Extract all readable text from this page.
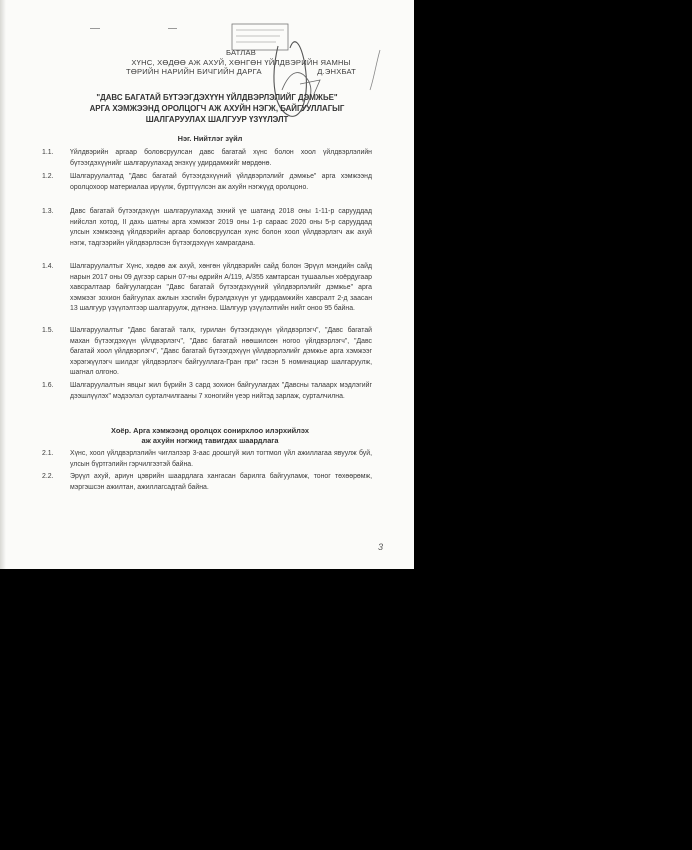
БАТЛАВ
ХҮНС, ХӨДӨӨ АЖ АХУЙ, ХӨНГӨН ҮЙЛДВЭРИЙН ЯАМНЫ
ТӨРИЙН НАРИЙН БИЧГИЙН ДАРГА	Д.ЭНХБАТ
"ДАВС БАГАТАЙ БҮТЭЭГДЭХҮҮН ҮЙЛДВЭРЛЭЛИЙГ ДЭМЖЬЕ"
АРГА ХЭМЖЭЭНД ОРОЛЦОГЧ АЖ АХУЙН НЭГЖ, БАЙГУУЛЛАГЫГ
ШАЛГАРУУЛАХ ШАЛГУУР ҮЗҮҮЛЭЛТ
Нэг. Нийтлэг зүйл
1.1.	Үйлдвэрийн аргаар боловсруулсан давс багатай хүнс болон хоол үйлдвэрлэлийн бүтээгдэхүүнийг шалгаруулахад энэхүү удирдамжийг мөрдөнө.
1.2.	Шалгаруулалтад "Давс багатай бүтээгдэхүүний үйлдвэрлэлийг дэмжье" арга хэмжээнд оролцохоор материалаа ирүүлж, бүртгүүлсэн аж ахуйн нэгжүүд оролцоно.
1.3.	Давс багатай бүтээгдэхүүн шалгаруулахад эхний үе шатанд 2018 оны 1-11-р сарууддад нийслэл хотод, II дахь шатны арга хэмжээг 2019 оны 1-р сараас 2020 оны 5-р сарууддад улсын хэмжээнд үйлдвэрийн аргаар боловсруулсан хүнс болон хоол үйлдвэрлэгч аж ахуй нэгж, тадгээрийн үйлдвэрлэсэн бүтээгдэхүүн хамрагдана.
1.4.	Шалгаруулалтыг Хүнс, хөдөө аж ахуй, хөнгөн үйлдвэрийн сайд болон Эрүүл мэндийн сайд нарын 2017 оны 09 дүгээр сарын 07-ны өдрийн А/119, А/355 хамтарсан тушаалын хоёрдугаар хавсралтаар байгуулагдсан "Давс багатай бүтээгдэхүүний үйлдвэрлэлийг дэмжье" арга хэмжээг зохион байгуулах ажлын хэсгийн бүрэлдэхүүн уг удирдамжийн хавсралт 2-д заасан 13 шалгуур үзүүлэлтээр шалгаруулж, дүгнэнэ. Шалгуур үзүүлэлтийн нийт оноо 95 байна.
1.5.	Шалгаруулалтыг "Давс багатай талх, гурилан бүтээгдэхүүн үйлдвэрлэгч", "Давс багатай махан бүтээгдэхүүн үйлдвэрлэгч", "Давс багатай нөөшилсөн ногоо үйлдвэрлэгч", "Давс багатай хоол үйлдвэрлэгч", "Давс багатай бүтээгдэхүүн үйлдвэрлэлийг дэмжье арга хэмжээг хэрэгжүүлэгч шилдэг үйлдвэрлэгч байгууллага-Гран при" гэсэн 5 номинациар шалгаруулж, шагнал олгоно.
1.6.	Шалгаруулалтын явцыг жил бүрийн 3 сард зохион байгуулагдах "Давсны талаарх мэдлэгийг дээшлүүлэх" мэдээлэл сурталчилгааны 7 хоногийн үеэр нийтэд зарлаж, сурталчилна.
Хоёр. Арга хэмжээнд оролцох сонирхлоо илэрхийлэх
аж ахуйн нэгжид тавигдах шаардлага
2.1.	Хүнс, хоол үйлдвэрлэлийн чиглэлээр 3-аас доошгүй жил тогтмол үйл ажиллагаа явуулж буй, улсын бүртгэлийн гэрчилгээтэй байна.
2.2.	Эрүүл ахуй, ариун цэврийн шаардлага хангасан барилга байгууламж, тоног төхөөрөмж, мэргэшсэн ажилтан, ажиллагсадтай байна.
3
